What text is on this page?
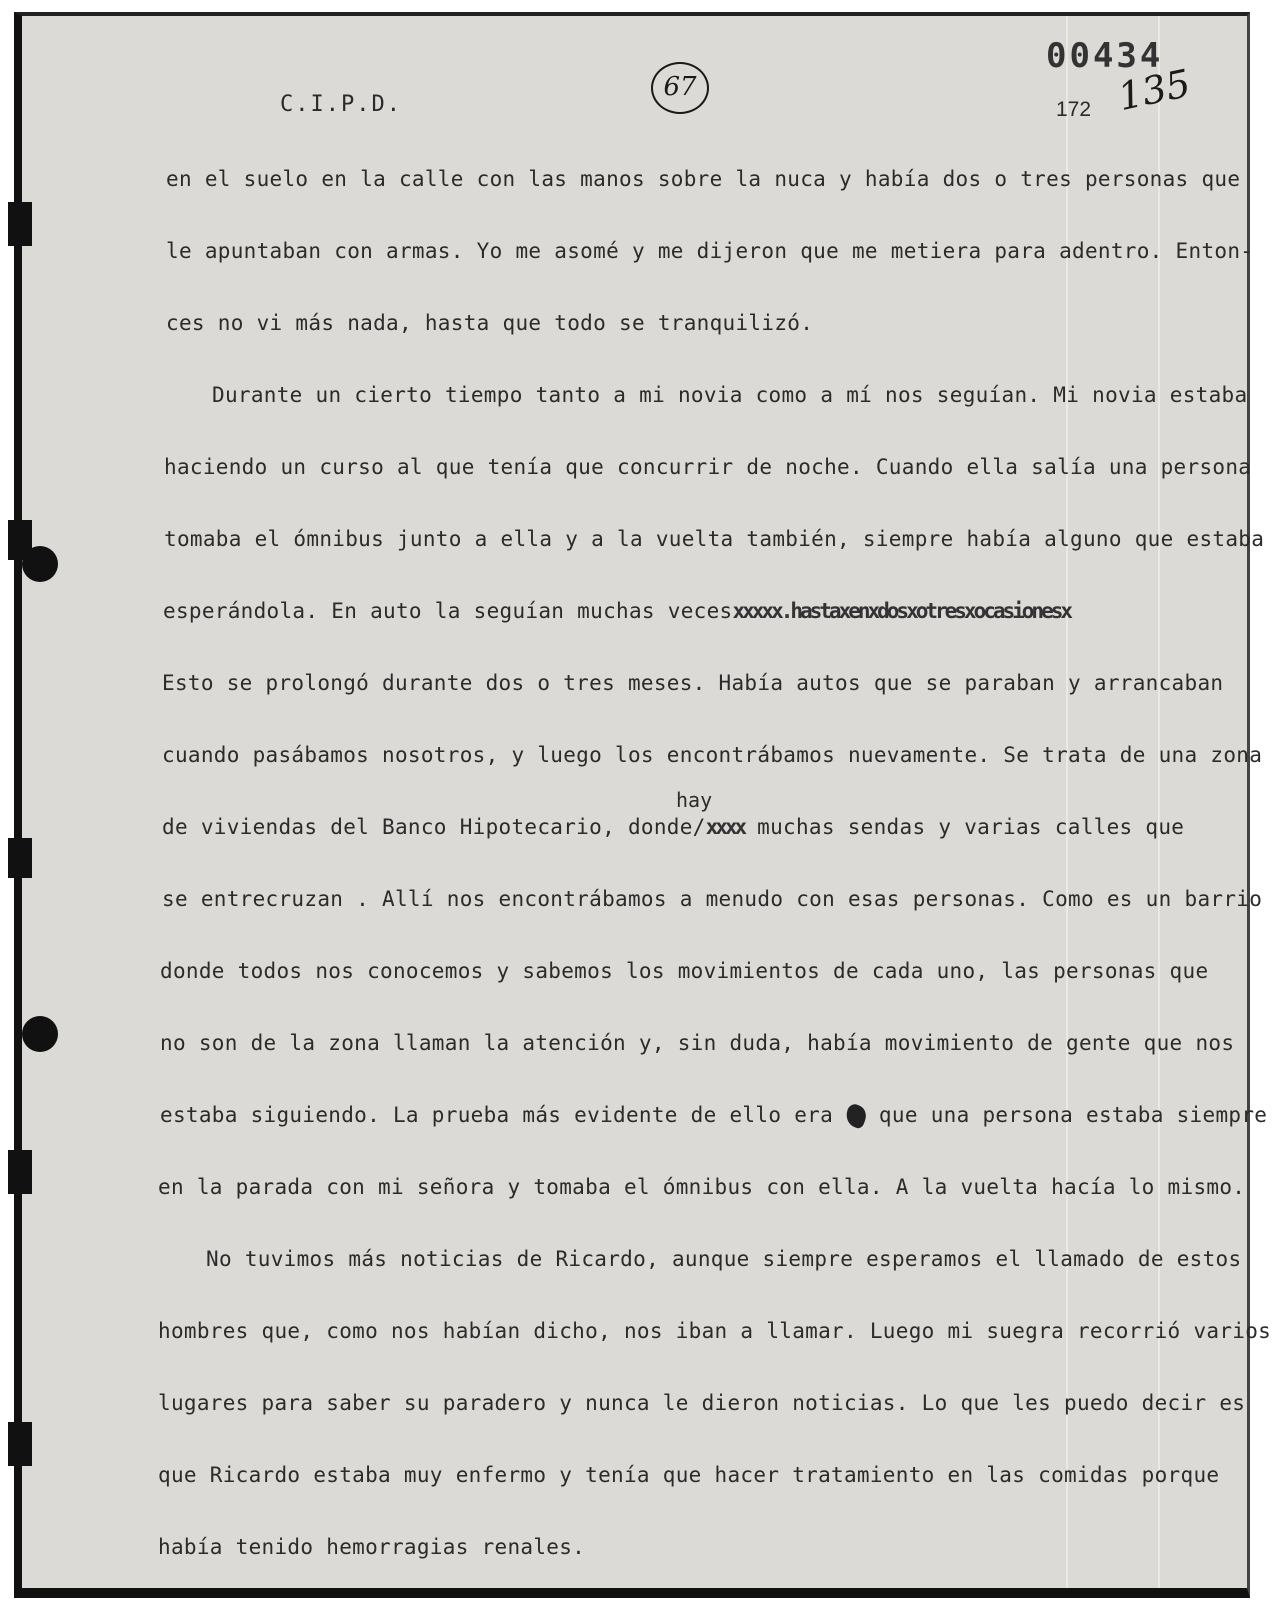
C.I.P.D.
67
00434
172 135

en el suelo en la calle con las manos sobre la nuca y había dos o tres personas que

le apuntaban con armas. Yo me asomé y me dijeron que me metiera para adentro. Enton-

ces no vi más nada, hasta que todo se tranquilizó.

Durante un cierto tiempo tanto a mi novia como a mí nos seguían. Mi novia estaba

haciendo un curso al que tenía que concurrir de noche. Cuando ella salía una persona

tomaba el ómnibus junto a ella y a la vuelta también, siempre había alguno que estaba

esperándola. En auto la seguían muchas vecesxxxxx.hastaxenxdosxotresxocasionesx

Esto se prolongó durante dos o tres meses. Había autos que se paraban y arrancaban

cuando pasábamos nosotros, y luego los encontrábamos nuevamente. Se trata de una zona

hay

de viviendas del Banco Hipotecario, donde/xxxx muchas sendas y varias calles que

se entrecruzan . Allí nos encontrábamos a menudo con esas personas. Como es un barrio

donde todos nos conocemos y sabemos los movimientos de cada uno, las personas que

no son de la zona llaman la atención y, sin duda, había movimiento de gente que nos

estaba siguiendo. La prueba más evidente de ello era  que una persona estaba siempre

en la parada con mi señora y tomaba el ómnibus con ella. A la vuelta hacía lo mismo.

No tuvimos más noticias de Ricardo, aunque siempre esperamos el llamado de estos

hombres que, como nos habían dicho, nos iban a llamar. Luego mi suegra recorrió varios

lugares para saber su paradero y nunca le dieron noticias. Lo que les puedo decir es

que Ricardo estaba muy enfermo y tenía que hacer tratamiento en las comidas porque

había tenido hemorragias renales.
